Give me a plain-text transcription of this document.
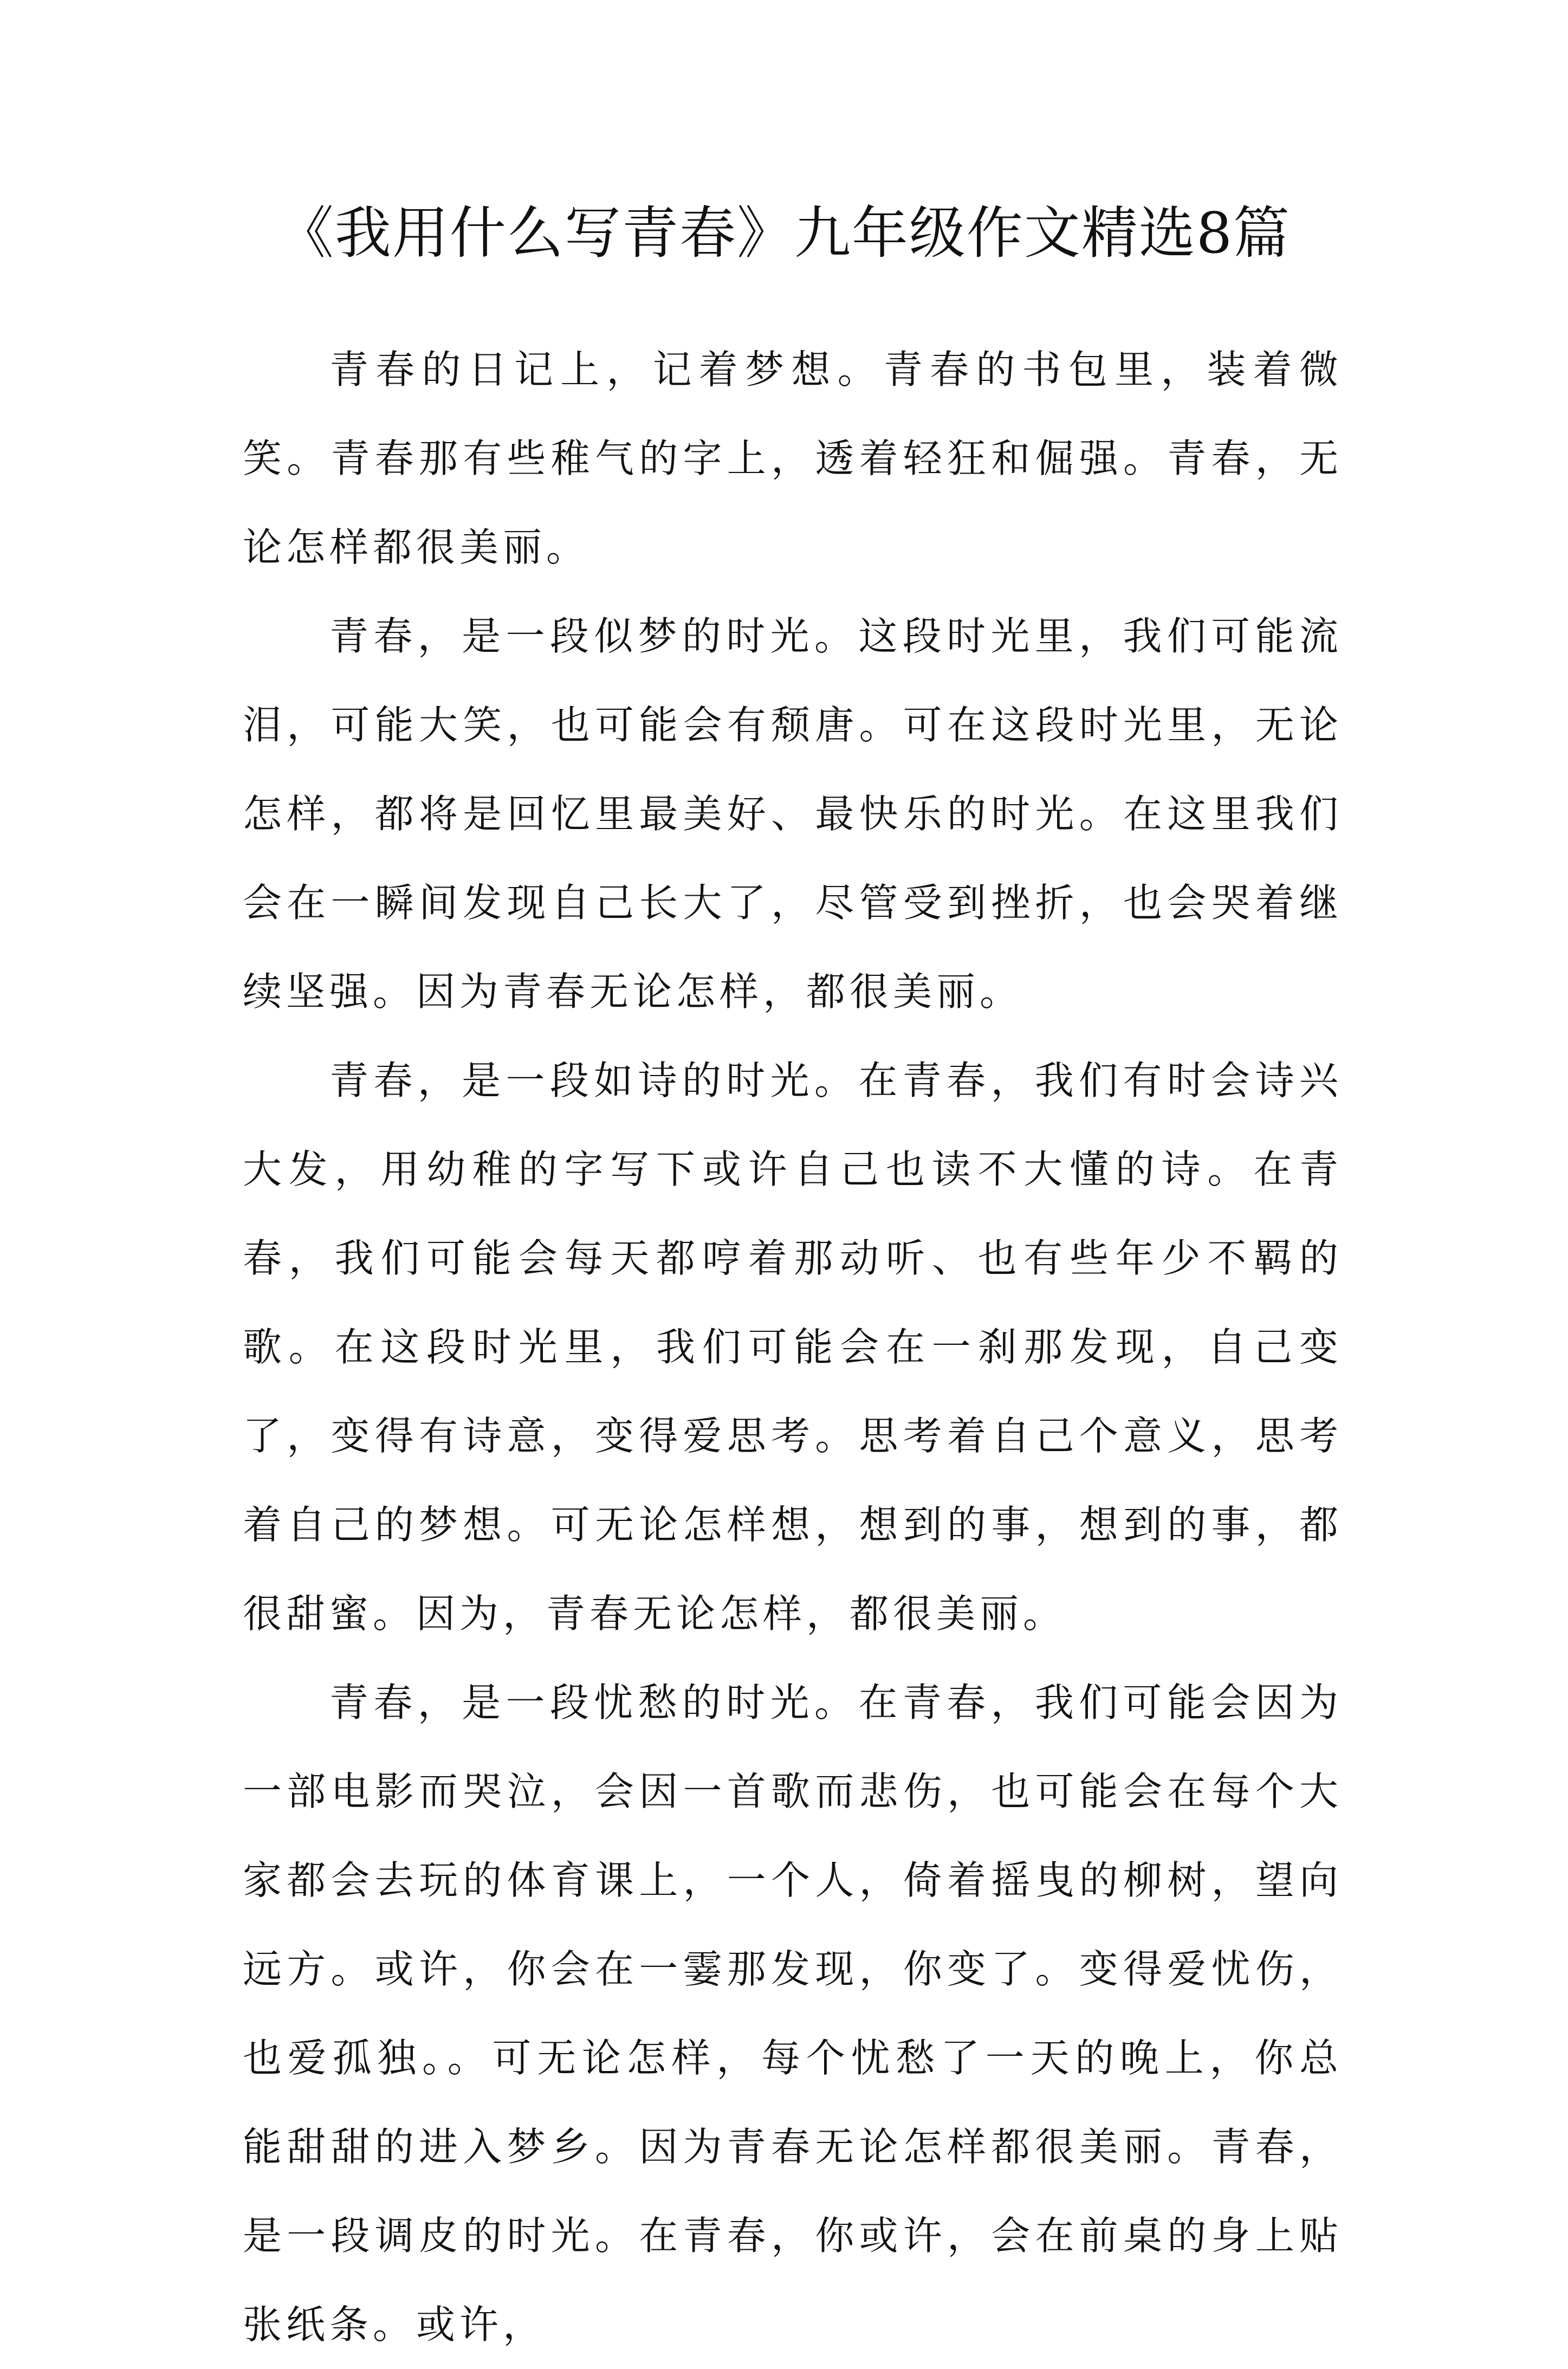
《我用什么写青春》九年级作文精选8篇

青春的日记上，记着梦想。青春的书包里，装着微笑。青春那有些稚气的字上，透着轻狂和倔强。青春，无论怎样都很美丽。

青春，是一段似梦的时光。这段时光里，我们可能流泪，可能大笑，也可能会有颓唐。可在这段时光里，无论怎样，都将是回忆里最美好、最快乐的时光。在这里我们会在一瞬间发现自己长大了，尽管受到挫折，也会哭着继续坚强。因为青春无论怎样，都很美丽。

青春，是一段如诗的时光。在青春，我们有时会诗兴大发，用幼稚的字写下或许自己也读不大懂的诗。在青春，我们可能会每天都哼着那动听、也有些年少不羁的歌。在这段时光里，我们可能会在一刹那发现，自己变了，变得有诗意，变得爱思考。思考着自己个意义，思考着自己的梦想。可无论怎样想，想到的事，想到的事，都很甜蜜。因为，青春无论怎样，都很美丽。

青春，是一段忧愁的时光。在青春，我们可能会因为一部电影而哭泣，会因一首歌而悲伤，也可能会在每个大家都会去玩的体育课上，一个人，倚着摇曳的柳树，望向远方。或许，你会在一霎那发现，你变了。变得爱忧伤，也爱孤独。。可无论怎样，每个忧愁了一天的晚上，你总能甜甜的进入梦乡。因为青春无论怎样都很美丽。青春，是一段调皮的时光。在青春，你或许，会在前桌的身上贴张纸条。或许，
